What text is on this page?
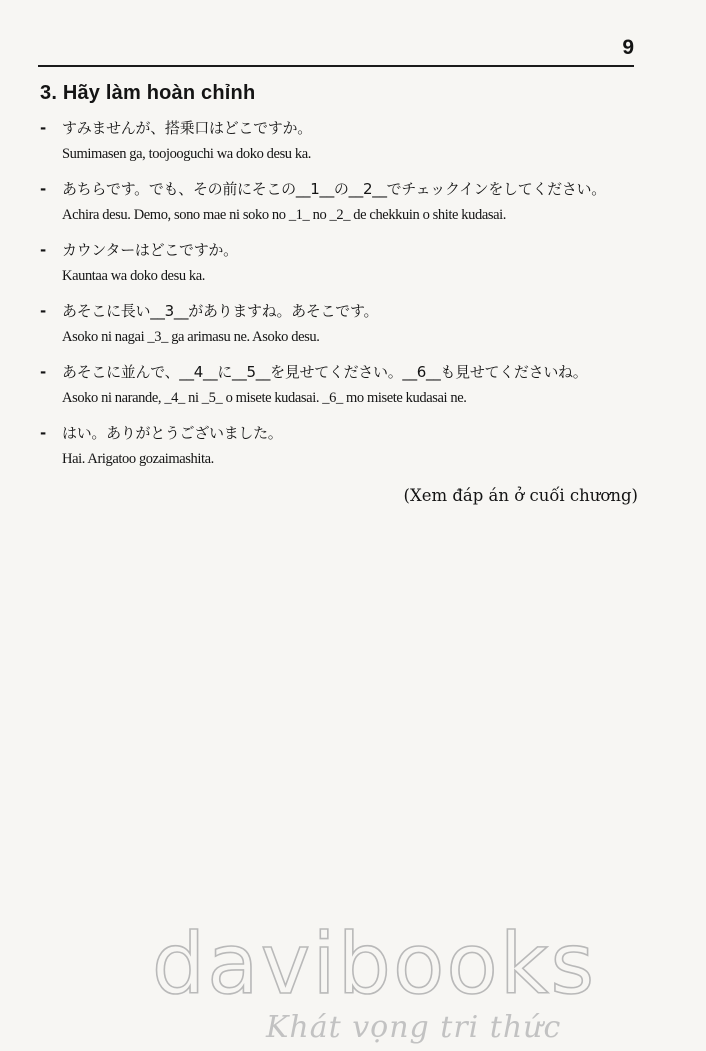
9
3. Hãy làm hoàn chỉnh
-	すみませんが、搭乗口はどこですか。
Sumimasen ga, toojooguchi wa doko desu ka.
-	あちらです。でも、その前にそこの__1__の__2__でチェックインをしてください。
Achira desu. Demo, sono mae ni soko no _1_ no _2_ de chekkuin o shite kudasai.
-	カウンターはどこですか。
Kauntaa wa doko desu ka.
-	あそこに長い__3__がありますね。あそこです。
Asoko ni nagai _3_ ga arimasu ne. Asoko desu.
-	あそこに並んで、__4__に__5__を見せてください。__6__も見せてくださいね。
Asoko ni narande, _4_ ni _5_ o misete kudasai. _6_ mo misete kudasai ne.
-	はい。ありがとうございました。
Hai. Arigatoo gozaimashita.

(Xem đáp án ở cuối chương)

davibooks
Khát vọng tri thức
